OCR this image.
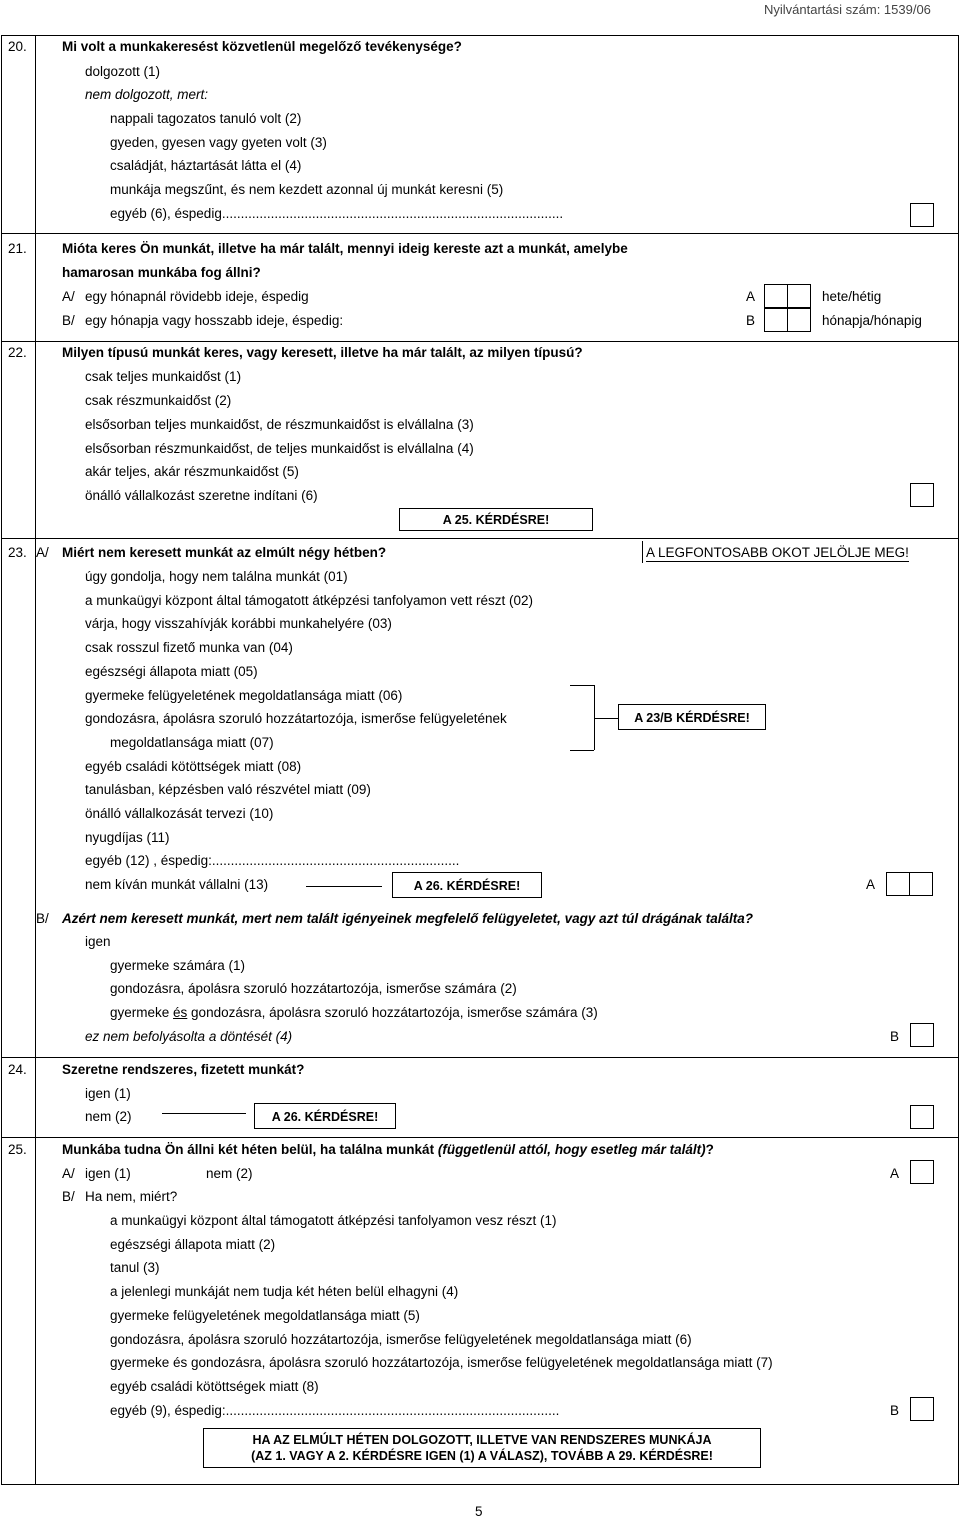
Nyilvántartási szám: 1539/06
20.	Mi volt a munkakeresést közvetlenül megelőző tevékenysége?
dolgozott (1)
nem dolgozott, mert:
nappali tagozatos tanuló volt (2)
gyeden, gyesen vagy gyeten volt (3)
családját, háztartását látta el (4)
munkája megszűnt, és nem kezdett azonnal új munkát keresni (5)
egyéb (6), éspedig...........................................................................................
21.	Mióta keres Ön munkát, illetve ha már talált, mennyi ideig kereste azt a munkát, amelybe
hamarosan munkába fog állni?
A/ egy hónapnál rövidebb ideje, éspedig	A	hete/hétig
B/ egy hónapja vagy hosszabb ideje, éspedig:	B	hónapja/hónapig
22.	Milyen típusú munkát keres, vagy keresett, illetve ha már talált, az milyen típusú?
csak teljes munkaidőst (1)
csak részmunkaidőst (2)
elsősorban teljes munkaidőst, de részmunkaidőst is elvállalna (3)
elsősorban részmunkaidőst, de teljes munkaidőst is elvállalna (4)
akár teljes, akár részmunkaidőst (5)
önálló vállalkozást szeretne indítani (6)
A 25. KÉRDÉSRE!
23. A/ Miért nem keresett munkát az elmúlt négy hétben?	A LEGFONTOSABB OKOT JELÖLJE MEG!
úgy gondolja, hogy nem találna munkát (01)
a munkaügyi központ által támogatott átképzési tanfolyamon vett részt (02)
várja, hogy visszahívják korábbi munkahelyére (03)
csak rosszul fizető munka van (04)
egészségi állapota miatt (05)
gyermeke felügyeletének megoldatlansága miatt (06)
gondozásra, ápolásra szoruló hozzátartozója, ismerőse felügyeletének
megoldatlansága miatt (07)
egyéb családi kötöttségek miatt (08)
tanulásban, képzésben való részvétel miatt (09)
önálló vállalkozását tervezi (10)
nyugdíjas (11)
egyéb (12) , éspedig:..................................................................
nem kíván munkát vállalni (13)
A 23/B KÉRDÉSRE!
A 26. KÉRDÉSRE!	A
B/ Azért nem keresett munkát, mert nem talált igényeinek megfelelő felügyeletet, vagy azt túl drágának találta?
igen
gyermeke számára (1)
gondozásra, ápolásra szoruló hozzátartozója, ismerőse számára (2)
gyermeke és gondozásra, ápolásra szoruló hozzátartozója, ismerőse számára (3)
ez nem befolyásolta a döntését (4)	B
24.	Szeretne rendszeres, fizetett munkát?
igen (1)
nem (2)	A 26. KÉRDÉSRE!
25.	Munkába tudna Ön állni két héten belül, ha találna munkát (függetlenül attól, hogy esetleg már talált)?
A/ igen (1)	nem (2)	A
B/ Ha nem, miért?
a munkaügyi központ által támogatott átképzési tanfolyamon vesz részt (1)
egészségi állapota miatt (2)
tanul (3)
a jelenlegi munkáját nem tudja két héten belül elhagyni (4)
gyermeke felügyeletének megoldatlansága miatt (5)
gondozásra, ápolásra szoruló hozzátartozója, ismerőse felügyeletének megoldatlansága miatt (6)
gyermeke és gondozásra, ápolásra szoruló hozzátartozója, ismerőse felügyeletének megoldatlansága miatt (7)
egyéb családi kötöttségek miatt (8)
egyéb (9), éspedig:.........................................................................................	B
HA AZ ELMÚLT HÉTEN DOLGOZOTT, ILLETVE VAN RENDSZERES MUNKÁJA
(AZ 1. VAGY A 2. KÉRDÉSRE IGEN (1) A VÁLASZ), TOVÁBB A 29. KÉRDÉSRE!
5
